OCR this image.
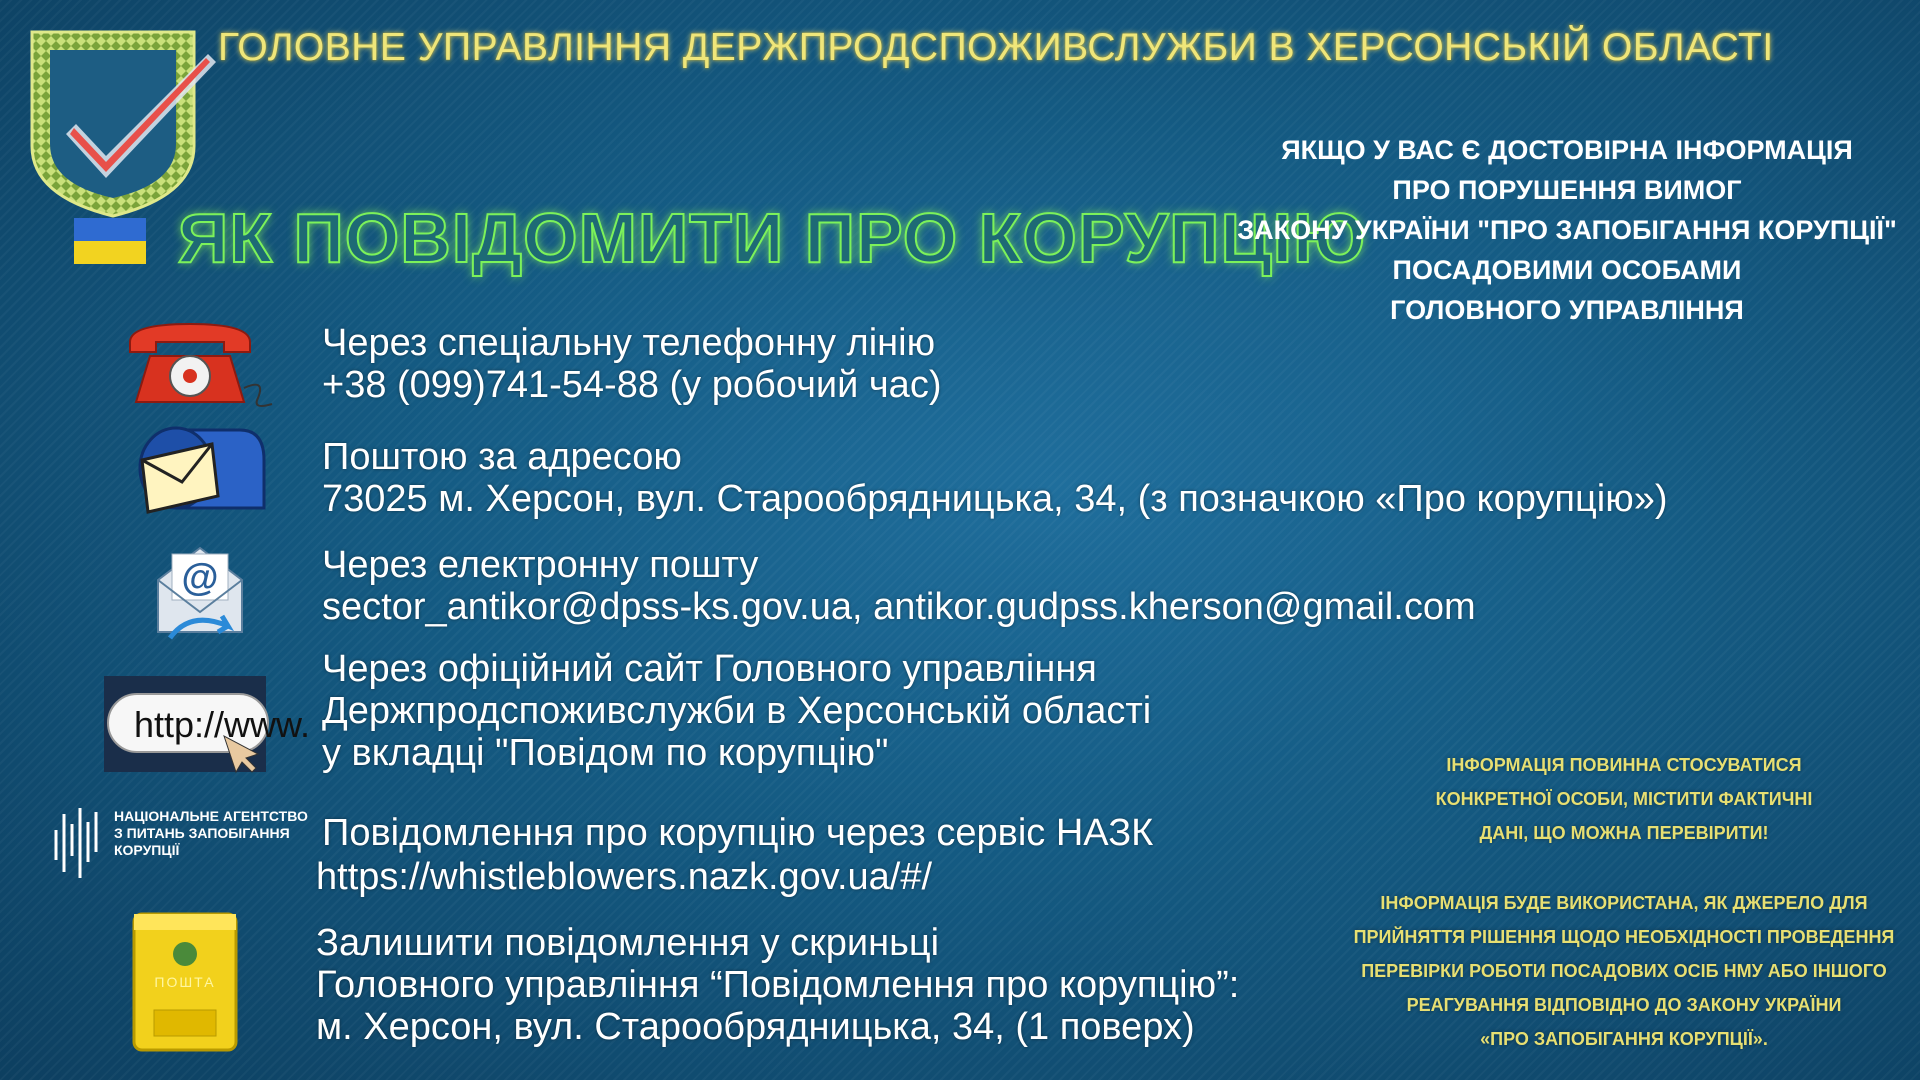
ГОЛОВНЕ УПРАВЛІННЯ ДЕРЖПРОДСПОЖИВСЛУЖБИ В ХЕРСОНСЬКІЙ ОБЛАСТІ
ЯК ПОВІДОМИТИ ПРО КОРУПЦІЮ
ЯКЩО У ВАС Є ДОСТОВІРНА ІНФОРМАЦІЯ
ПРО ПОРУШЕННЯ ВИМОГ
ЗАКОНУ УКРАЇНИ "ПРО ЗАПОБІГАННЯ КОРУПЦІЇ"
ПОСАДОВИМИ ОСОБАМИ
ГОЛОВНОГО УПРАВЛІННЯ
Через спеціальну телефонну лінію
+38 (099)741-54-88 (у робочий час)
Поштою за адресою
73025 м. Херсон, вул. Старообрядницька, 34, (з позначкою «Про корупцію»)
@	Через електронну пошту
sector_antikor@dpss-ks.gov.ua, antikor.gudpss.kherson@gmail.com
http://www.
Через офіційний сайт Головного управління
Держпродспоживслужби в Херсонській області
у вкладці "Повідом по корупцію"
НАЦІОНАЛЬНЕ АГЕНТСТВО
З ПИТАНЬ ЗАПОБІГАННЯ
КОРУПЦІЇ	Повідомлення про корупцію через сервіс НАЗК
https://whistleblowers.nazk.gov.ua/#/
ПОШТА
Залишити повідомлення у скриньці
Головного управління “Повідомлення про корупцію”:
м. Херсон, вул. Старообрядницька, 34, (1 поверх)
ІНФОРМАЦІЯ ПОВИННА СТОСУВАТИСЯ
КОНКРЕТНОЇ ОСОБИ, МІСТИТИ ФАКТИЧНІ
ДАНІ, ЩО МОЖНА ПЕРЕВІРИТИ!
ІНФОРМАЦІЯ БУДЕ ВИКОРИСТАНА, ЯК ДЖЕРЕЛО ДЛЯ
ПРИЙНЯТТЯ РІШЕННЯ ЩОДО НЕОБХІДНОСТІ ПРОВЕДЕННЯ
ПЕРЕВІРКИ РОБОТИ ПОСАДОВИХ ОСІБ НМУ АБО ІНШОГО
РЕАГУВАННЯ ВІДПОВІДНО ДО ЗАКОНУ УКРАЇНИ
«ПРО ЗАПОБІГАННЯ КОРУПЦІЇ».
